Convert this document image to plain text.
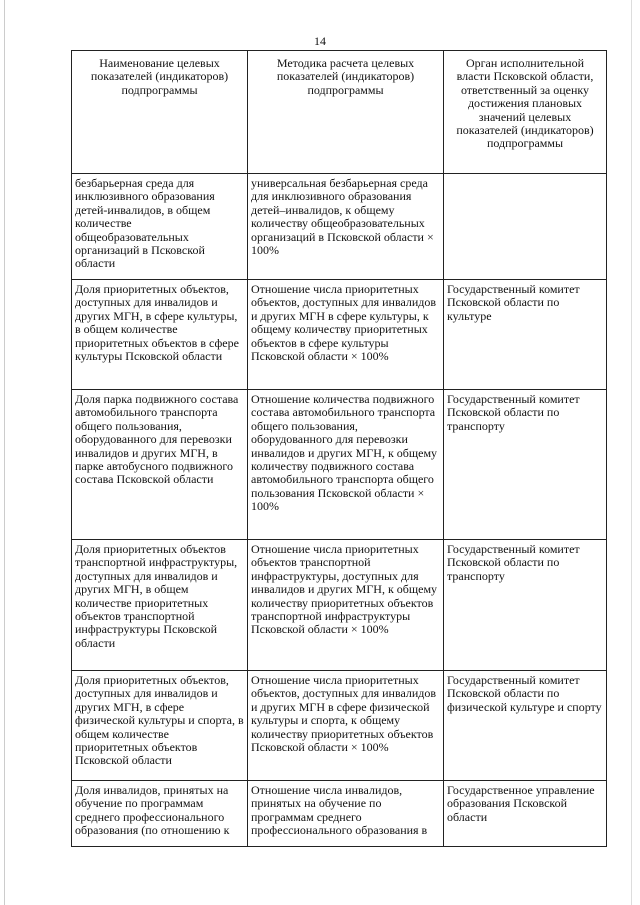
14
Наименование целевых показателей (индикаторов) подпрограммы	Методика расчета целевых показателей (индикаторов) подпрограммы	Орган исполнительной власти Псковской области, ответственный за оценку достижения плановых значений целевых показателей (индикаторов) подпрограммы
безбарьерная среда для инклюзивного образования детей-инвалидов, в общем количестве общеобразовательных организаций в Псковской области	универсальная безбарьерная среда для инклюзивного образования детей–инвалидов, к общему количеству общеобразовательных организаций в Псковской области × 100%	
Доля приоритетных объектов, доступных для инвалидов и других МГН, в сфере культуры, в общем количестве приоритетных объектов в сфере культуры Псковской области	Отношение числа приоритетных объектов, доступных для инвалидов и других МГН в сфере культуры, к общему количеству приоритетных объектов в сфере культуры Псковской области × 100%	Государственный комитет Псковской области по культуре
Доля парка подвижного состава автомобильного транспорта общего пользования, оборудованного для перевозки инвалидов и других МГН, в парке автобусного подвижного состава Псковской области	Отношение количества подвижного состава автомобильного транспорта общего пользования, оборудованного для перевозки инвалидов и других МГН, к общему количеству подвижного состава автомобильного транспорта общего пользования Псковской области × 100%	Государственный комитет Псковской области по транспорту
Доля приоритетных объектов транспортной инфраструктуры, доступных для инвалидов и других МГН, в общем количестве приоритетных объектов транспортной инфраструктуры Псковской области	Отношение числа приоритетных объектов транспортной инфраструктуры, доступных для инвалидов и других МГН, к общему количеству приоритетных объектов транспортной инфраструктуры Псковской области × 100%	Государственный комитет Псковской области по транспорту
Доля приоритетных объектов, доступных для инвалидов и других МГН, в сфере физической культуры и спорта, в общем количестве приоритетных объектов Псковской области	Отношение числа приоритетных объектов, доступных для инвалидов и других МГН в сфере физической культуры и спорта, к общему количеству приоритетных объектов Псковской области × 100%	Государственный комитет Псковской области по физической культуре и спорту
Доля инвалидов, принятых на обучение по программам среднего профессионального образования (по отношению к	Отношение числа инвалидов, принятых на обучение по программам среднего профессионального образования в	Государственное управление образования Псковской области
